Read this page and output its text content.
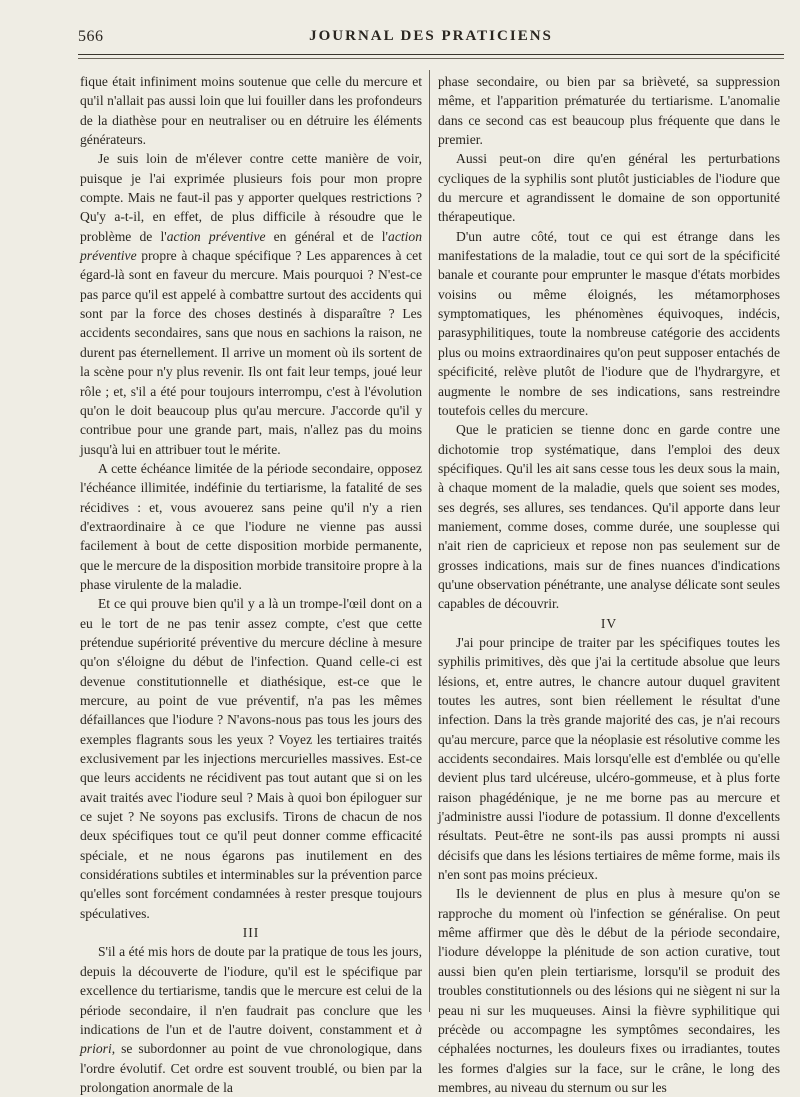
566	JOURNAL DES PRATICIENS

fique était infiniment moins soutenue que celle du mercure et qu'il n'allait pas aussi loin que lui fouiller dans les profondeurs de la diathèse pour en neutraliser ou en détruire les éléments générateurs.

Je suis loin de m'élever contre cette manière de voir, puisque je l'ai exprimée plusieurs fois pour mon propre compte. Mais ne faut-il pas y apporter quelques restrictions ? Qu'y a-t-il, en effet, de plus difficile à résoudre que le problème de l'action préventive en général et de l'action préventive propre à chaque spécifique ? Les apparences à cet égard-là sont en faveur du mercure. Mais pourquoi ? N'est-ce pas parce qu'il est appelé à combattre surtout des accidents qui sont par la force des choses destinés à disparaître ? Les accidents secondaires, sans que nous en sachions la raison, ne durent pas éternellement. Il arrive un moment où ils sortent de la scène pour n'y plus revenir. Ils ont fait leur temps, joué leur rôle ; et, s'il a été pour toujours interrompu, c'est à l'évolution qu'on le doit beaucoup plus qu'au mercure. J'accorde qu'il y contribue pour une grande part, mais, n'allez pas du moins jusqu'à lui en attribuer tout le mérite.

A cette échéance limitée de la période secondaire, opposez l'échéance illimitée, indéfinie du tertiarisme, la fatalité de ses récidives : et, vous avouerez sans peine qu'il n'y a rien d'extraordinaire à ce que l'iodure ne vienne pas aussi facilement à bout de cette disposition morbide permanente, que le mercure de la disposition morbide transitoire propre à la phase virulente de la maladie.

Et ce qui prouve bien qu'il y a là un trompe-l'œil dont on a eu le tort de ne pas tenir assez compte, c'est que cette prétendue supériorité préventive du mercure décline à mesure qu'on s'éloigne du début de l'infection. Quand celle-ci est devenue constitutionnelle et diathésique, est-ce que le mercure, au point de vue préventif, n'a pas les mêmes défaillances que l'iodure ? N'avons-nous pas tous les jours des exemples flagrants sous les yeux ? Voyez les tertiaires traités exclusivement par les injections mercurielles massives. Est-ce que leurs accidents ne récidivent pas tout autant que si on les avait traités avec l'iodure seul ? Mais à quoi bon épiloguer sur ce sujet ? Ne soyons pas exclusifs. Tirons de chacun de nos deux spécifiques tout ce qu'il peut donner comme efficacité spéciale, et ne nous égarons pas inutilement en des considérations subtiles et interminables sur la prévention parce qu'elles sont forcément condamnées à rester presque toujours spéculatives.

III

S'il a été mis hors de doute par la pratique de tous les jours, depuis la découverte de l'iodure, qu'il est le spécifique par excellence du tertiarisme, tandis que le mercure est celui de la période secondaire, il n'en faudrait pas conclure que les indications de l'un et de l'autre doivent, constamment et à priori, se subordonner au point de vue chronologique, dans l'ordre évolutif. Cet ordre est souvent troublé, ou bien par la prolongation anormale de la

phase secondaire, ou bien par sa brièveté, sa suppression même, et l'apparition prématurée du tertiarisme. L'anomalie dans ce second cas est beaucoup plus fréquente que dans le premier.

Aussi peut-on dire qu'en général les perturbations cycliques de la syphilis sont plutôt justiciables de l'iodure que du mercure et agrandissent le domaine de son opportunité thérapeutique.

D'un autre côté, tout ce qui est étrange dans les manifestations de la maladie, tout ce qui sort de la spécificité banale et courante pour emprunter le masque d'états morbides voisins ou même éloignés, les métamorphoses symptomatiques, les phénomènes équivoques, indécis, parasyphilitiques, toute la nombreuse catégorie des accidents plus ou moins extraordinaires qu'on peut supposer entachés de spécificité, relève plutôt de l'iodure que de l'hydrargyre, et augmente le nombre de ses indications, sans restreindre toutefois celles du mercure.

Que le praticien se tienne donc en garde contre une dichotomie trop systématique, dans l'emploi des deux spécifiques. Qu'il les ait sans cesse tous les deux sous la main, à chaque moment de la maladie, quels que soient ses modes, ses degrés, ses allures, ses tendances. Qu'il apporte dans leur maniement, comme doses, comme durée, une souplesse qui n'ait rien de capricieux et repose non pas seulement sur de grosses indications, mais sur de fines nuances d'indications qu'une observation pénétrante, une analyse délicate sont seules capables de découvrir.

IV

J'ai pour principe de traiter par les spécifiques toutes les syphilis primitives, dès que j'ai la certitude absolue que leurs lésions, et, entre autres, le chancre autour duquel gravitent toutes les autres, sont bien réellement le résultat d'une infection. Dans la très grande majorité des cas, je n'ai recours qu'au mercure, parce que la néoplasie est résolutive comme les accidents secondaires. Mais lorsqu'elle est d'emblée ou qu'elle devient plus tard ulcéreuse, ulcéro-gommeuse, et à plus forte raison phagédénique, je ne me borne pas au mercure et j'administre aussi l'iodure de potassium. Il donne d'excellents résultats. Peut-être ne sont-ils pas aussi prompts ni aussi décisifs que dans les lésions tertiaires de même forme, mais ils n'en sont pas moins précieux.

Ils le deviennent de plus en plus à mesure qu'on se rapproche du moment où l'infection se généralise. On peut même affirmer que dès le début de la période secondaire, l'iodure développe la plénitude de son action curative, tout aussi bien qu'en plein tertiarisme, lorsqu'il se produit des troubles constitutionnels ou des lésions qui ne siègent ni sur la peau ni sur les muqueuses. Ainsi la fièvre syphilitique qui précède ou accompagne les symptômes secondaires, les céphalées nocturnes, les douleurs fixes ou irradiantes, toutes les formes d'algies sur la face, sur le crâne, le long des membres, au niveau du sternum ou sur les
